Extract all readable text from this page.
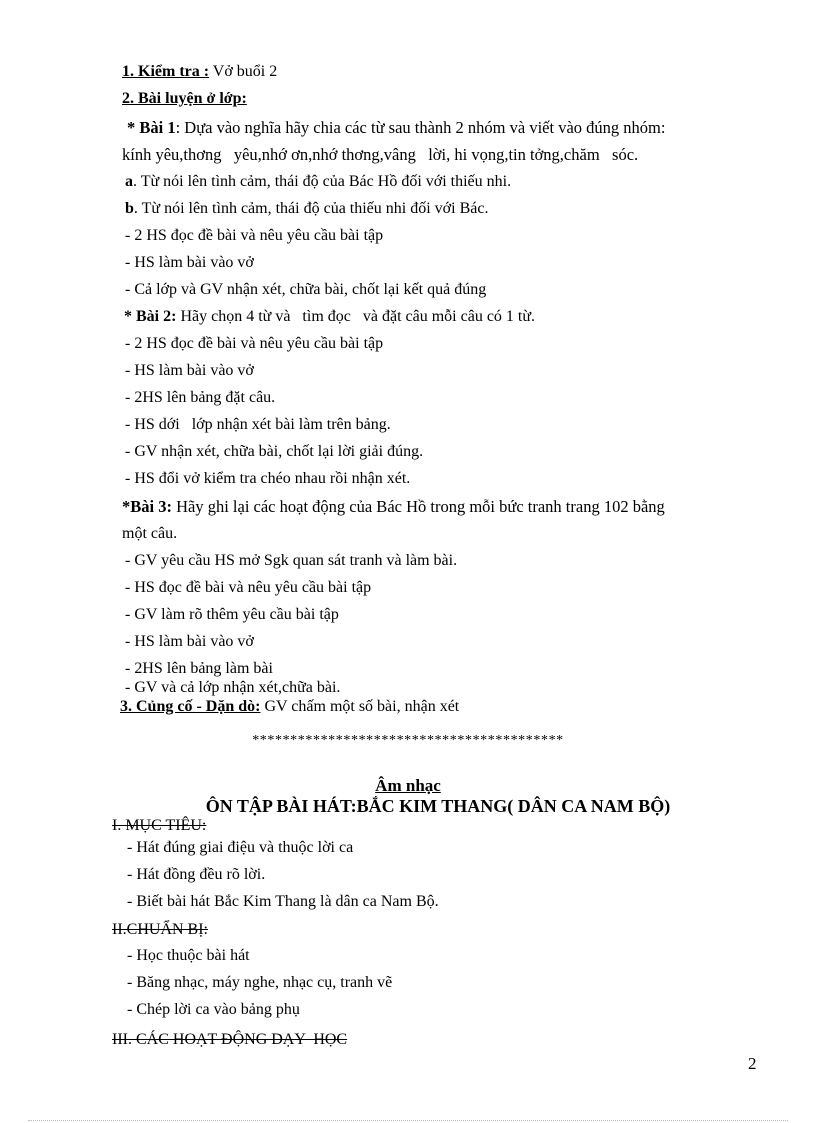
1. Kiểm tra : Vở buổi 2
2. Bài luyện ở lớp:
* Bài 1: Dựa vào nghĩa hãy chia các từ sau thành 2 nhóm và viết vào đúng nhóm:
kính yêu,thơng   yêu,nhớ ơn,nhớ thơng,vâng   lời, hi vọng,tin tởng,chăm   sóc.
a. Từ nói lên tình cảm, thái độ của Bác Hồ đối với thiếu nhi.
b. Từ nói lên tình cảm, thái độ của thiếu nhi đối với Bác.
- 2 HS đọc đề bài và nêu yêu cầu bài tập
- HS làm bài vào vở
- Cả lớp và GV nhận xét, chữa bài, chốt lại kết quả đúng
* Bài 2: Hãy chọn 4 từ và   tìm đọc   và đặt câu mỗi câu có 1 từ.
- 2 HS đọc đề bài và nêu yêu cầu bài tập
- HS làm bài vào vở
- 2HS lên bảng đặt câu.
- HS dới   lớp nhận xét bài làm trên bảng.
- GV nhận xét, chữa bài, chốt lại lời giải đúng.
- HS đổi vở kiểm tra chéo nhau rồi nhận xét.
*Bài 3: Hãy ghi lại các hoạt động của Bác Hồ trong mỗi bức tranh trang 102 bằng
một câu.
- GV yêu cầu HS mở Sgk quan sát tranh và làm bài.
- HS đọc đề bài và nêu yêu cầu bài tập
- GV làm rõ thêm yêu cầu bài tập
- HS làm bài vào vở
- 2HS lên bảng làm bài
- GV và cả lớp nhận xét,chữa bài.
3. Củng cố - Dặn dò: GV chấm một số bài, nhận xét
*****************************************
Âm nhạc
ÔN TẬP BÀI HÁT:BẮC KIM THANG( DÂN CA NAM BỘ)
I. MỤC TIÊU:
- Hát đúng giai điệu và thuộc lời ca
- Hát đồng đều rõ lời.
- Biết bài hát Bắc Kim Thang là dân ca Nam Bộ.
II.CHUẨN BỊ:
- Học thuộc bài hát
- Băng nhạc, máy nghe, nhạc cụ, tranh vẽ
- Chép lời ca vào bảng phụ
III. CÁC HOẠT ĐỘNG DẠY  HỌC
2
